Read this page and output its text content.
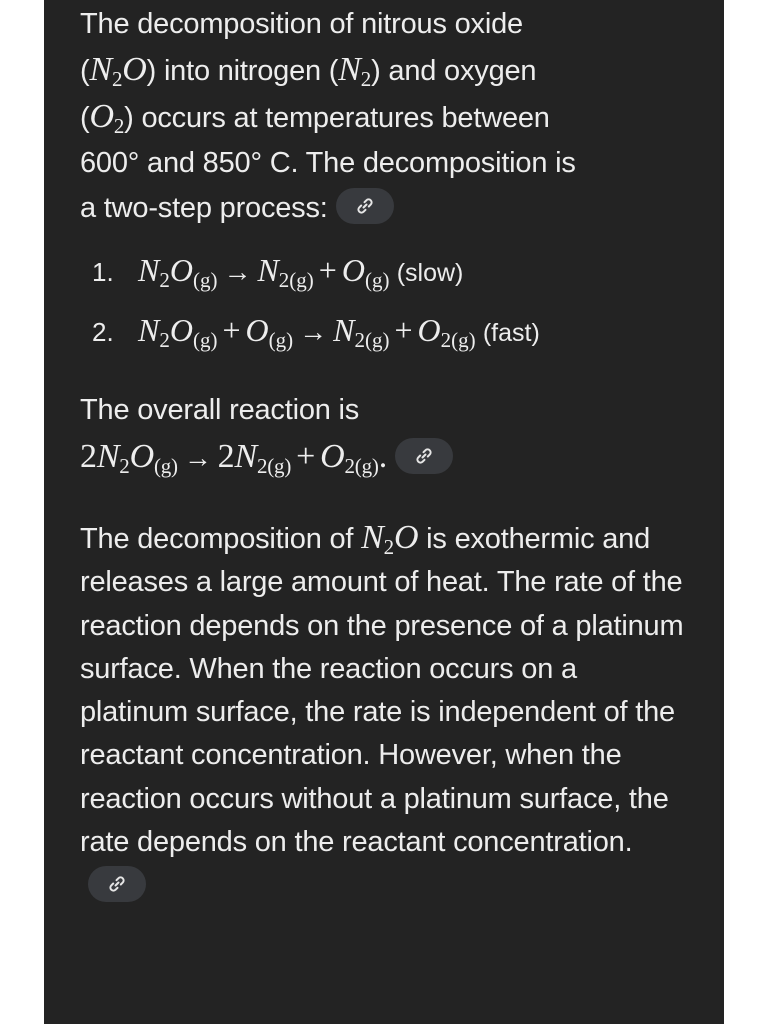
The decomposition of nitrous oxide
$(N_2O)$ into nitrogen $(N_2)$ and oxygen
$(O_2)$ occurs at temperatures between
600° and 850° C. The decomposition is
a two-step process:
1. $N_2O_{(g)} \to N_{2(g)} + O_{(g)}$ (slow)
2. $N_2O_{(g)} + O_{(g)} \to N_{2(g)} + O_{2(g)}$ (fast)
The overall reaction is
$2N_2O_{(g)} \to 2N_{2(g)} + O_{2(g)}$.
The decomposition of $N_2O$ is exothermic and releases a large amount of heat. The rate of the reaction depends on the presence of a platinum surface. When the reaction occurs on a platinum surface, the rate is independent of the reactant concentration. However, when the reaction occurs without a platinum surface, the rate depends on the reactant concentration.
